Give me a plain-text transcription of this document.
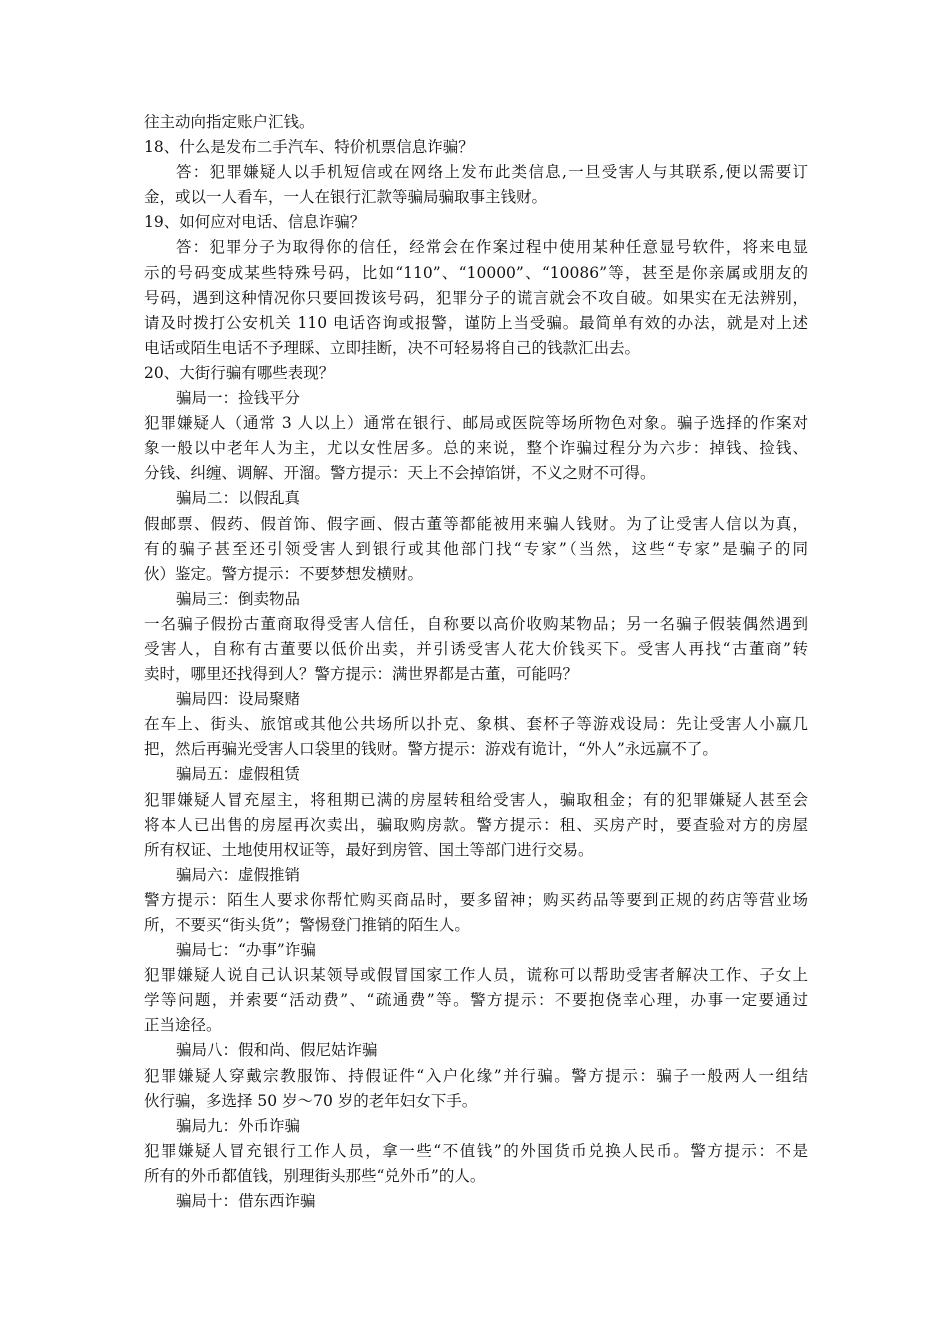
往主动向指定账户汇钱。
18、什么是发布二手汽车、特价机票信息诈骗？
答：犯罪嫌疑人以手机短信或在网络上发布此类信息,一旦受害人与其联系,便以需要订
金，或以一人看车，一人在银行汇款等骗局骗取事主钱财。
19、如何应对电话、信息诈骗？
答：犯罪分子为取得你的信任，经常会在作案过程中使用某种任意显号软件，将来电显
示的号码变成某些特殊号码，比如“110”、“10000”、“10086”等，甚至是你亲属或朋友的
号码，遇到这种情况你只要回拨该号码，犯罪分子的谎言就会不攻自破。如果实在无法辨别，
请及时拨打公安机关 110 电话咨询或报警，谨防上当受骗。最简单有效的办法，就是对上述
电话或陌生电话不予理睬、立即挂断，决不可轻易将自己的钱款汇出去。
20、大街行骗有哪些表现？
骗局一：捡钱平分
犯罪嫌疑人（通常 3 人以上）通常在银行、邮局或医院等场所物色对象。骗子选择的作案对
象一般以中老年人为主，尤以女性居多。总的来说，整个诈骗过程分为六步：掉钱、捡钱、
分钱、纠缠、调解、开溜。警方提示：天上不会掉馅饼，不义之财不可得。
骗局二：以假乱真
假邮票、假药、假首饰、假字画、假古董等都能被用来骗人钱财。为了让受害人信以为真，
有的骗子甚至还引领受害人到银行或其他部门找“专家”（当然，这些“专家”是骗子的同
伙）鉴定。警方提示：不要梦想发横财。
骗局三：倒卖物品
一名骗子假扮古董商取得受害人信任，自称要以高价收购某物品；另一名骗子假装偶然遇到
受害人，自称有古董要以低价出卖，并引诱受害人花大价钱买下。受害人再找“古董商”转
卖时，哪里还找得到人？警方提示：满世界都是古董，可能吗？
骗局四：设局聚赌
在车上、街头、旅馆或其他公共场所以扑克、象棋、套杯子等游戏设局：先让受害人小赢几
把，然后再骗光受害人口袋里的钱财。警方提示：游戏有诡计，“外人”永远赢不了。
骗局五：虚假租赁
犯罪嫌疑人冒充屋主，将租期已满的房屋转租给受害人，骗取租金；有的犯罪嫌疑人甚至会
将本人已出售的房屋再次卖出，骗取购房款。警方提示：租、买房产时，要查验对方的房屋
所有权证、土地使用权证等，最好到房管、国土等部门进行交易。
骗局六：虚假推销
警方提示：陌生人要求你帮忙购买商品时，要多留神；购买药品等要到正规的药店等营业场
所，不要买“街头货”；警惕登门推销的陌生人。
骗局七：“办事”诈骗
犯罪嫌疑人说自己认识某领导或假冒国家工作人员，谎称可以帮助受害者解决工作、子女上
学等问题，并索要“活动费”、“疏通费”等。警方提示：不要抱侥幸心理，办事一定要通过
正当途径。
骗局八：假和尚、假尼姑诈骗
犯罪嫌疑人穿戴宗教服饰、持假证件“入户化缘”并行骗。警方提示：骗子一般两人一组结
伙行骗，多选择 50 岁～70 岁的老年妇女下手。
骗局九：外币诈骗
犯罪嫌疑人冒充银行工作人员，拿一些“不值钱”的外国货币兑换人民币。警方提示：不是
所有的外币都值钱，别理街头那些“兑外币”的人。
骗局十：借东西诈骗
